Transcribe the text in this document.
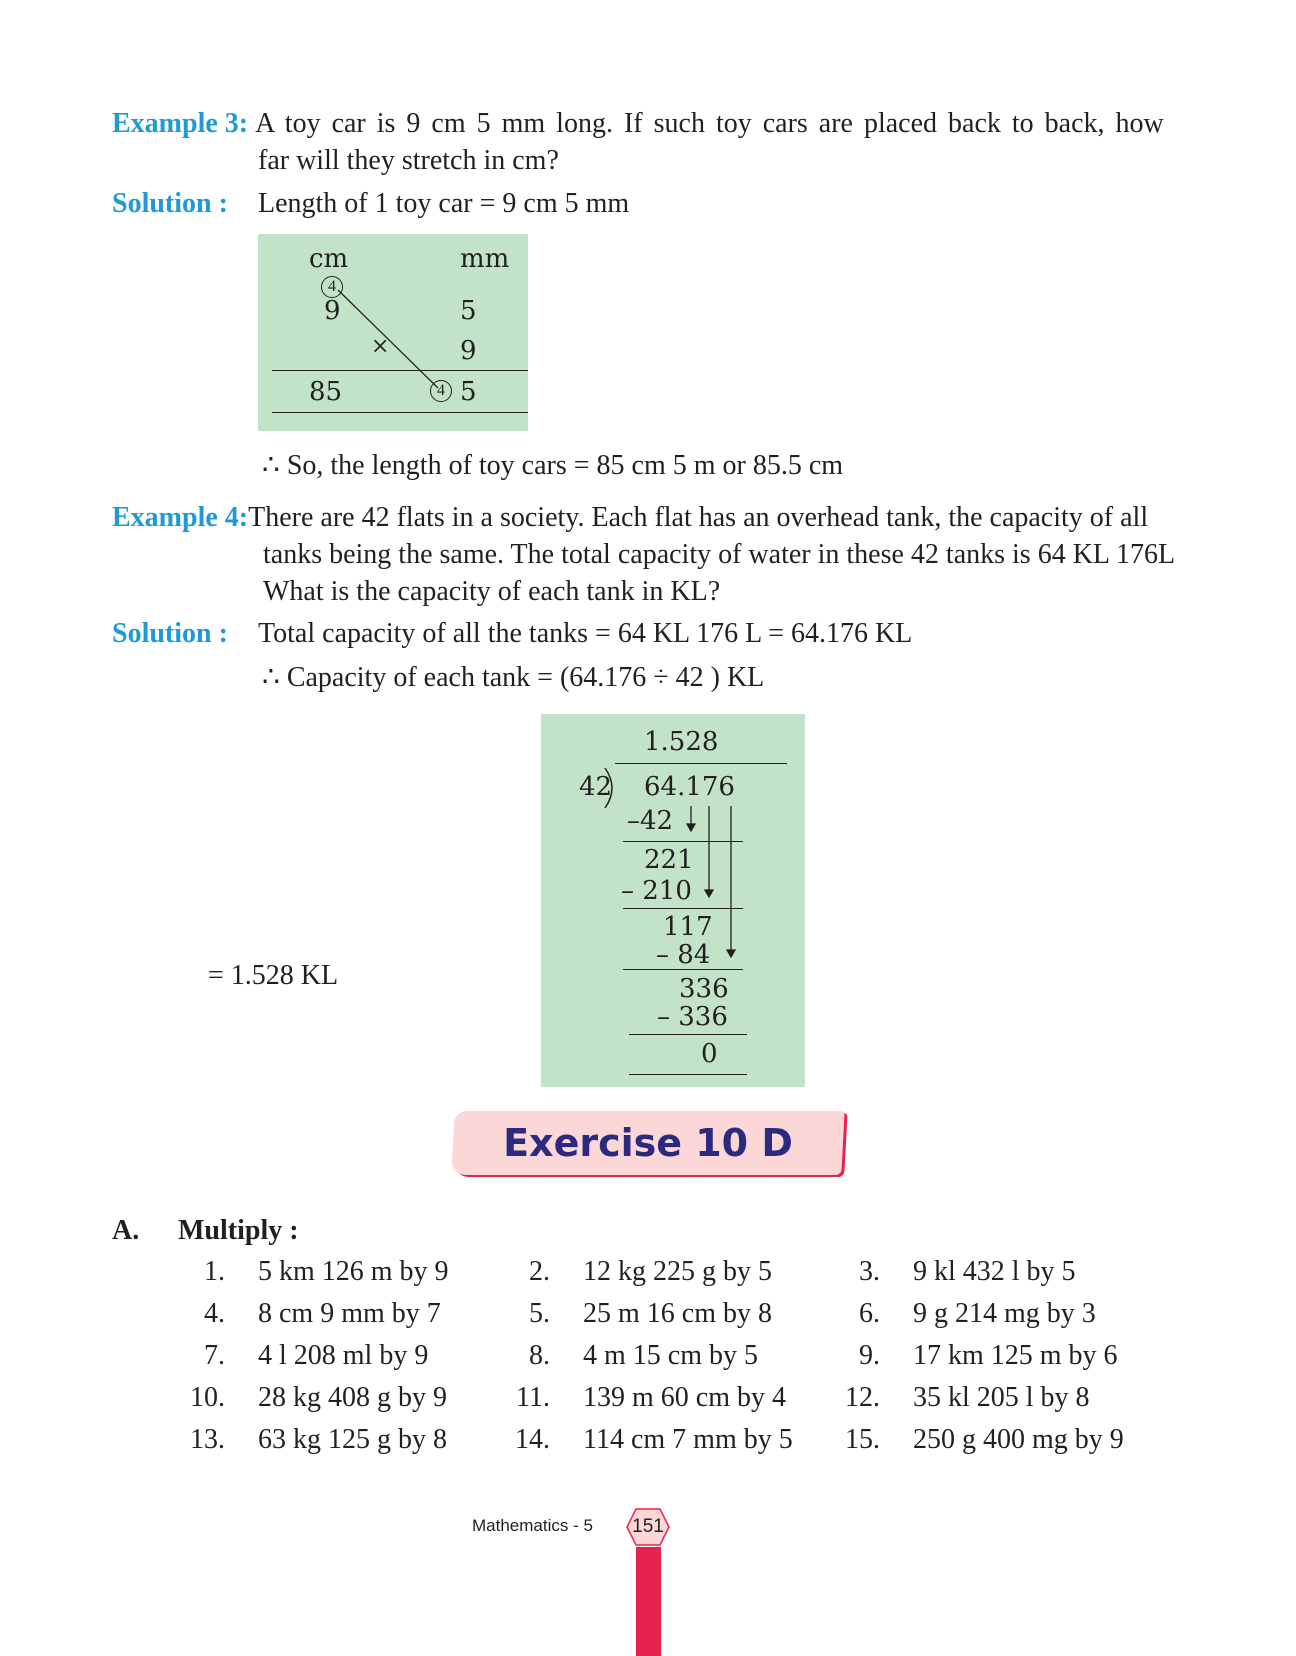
Example 3: A toy car is 9 cm 5 mm long. If such toy cars are placed back to back, how
far will they stretch in cm?
Solution : Length of 1 toy car = 9 cm 5 mm
cm	mm
4
9	5
×	9
85	4 5
∴ So, the length of toy cars = 85 cm 5 m or 85.5 cm
Example 4:There are 42 flats in a society. Each flat has an overhead tank, the capacity of all
tanks being the same. The total capacity of water in these 42 tanks is 64 KL 176L
What is the capacity of each tank in KL?
Solution : Total capacity of all the tanks = 64 KL 176 L = 64.176 KL
∴ Capacity of each tank = (64.176 ÷ 42 ) KL
1.528
42 64.176
–42
221
– 210
117
– 84
336
– 336
0
= 1.528 KL
Exercise 10 D
A. Multiply :
1. 5 km 126 m by 9	2. 12 kg 225 g by 5	3. 9 kl 432 l by 5
4. 8 cm 9 mm by 7	5. 25 m 16 cm by 8	6. 9 g 214 mg by 3
7. 4 l 208 ml by 9	8. 4 m 15 cm by 5	9. 17 km 125 m by 6
10. 28 kg 408 g by 9	11. 139 m 60 cm by 4	12. 35 kl 205 l by 8
13. 63 kg 125 g by 8	14. 114 cm 7 mm by 5	15. 250 g 400 mg by 9
Mathematics - 5	151
